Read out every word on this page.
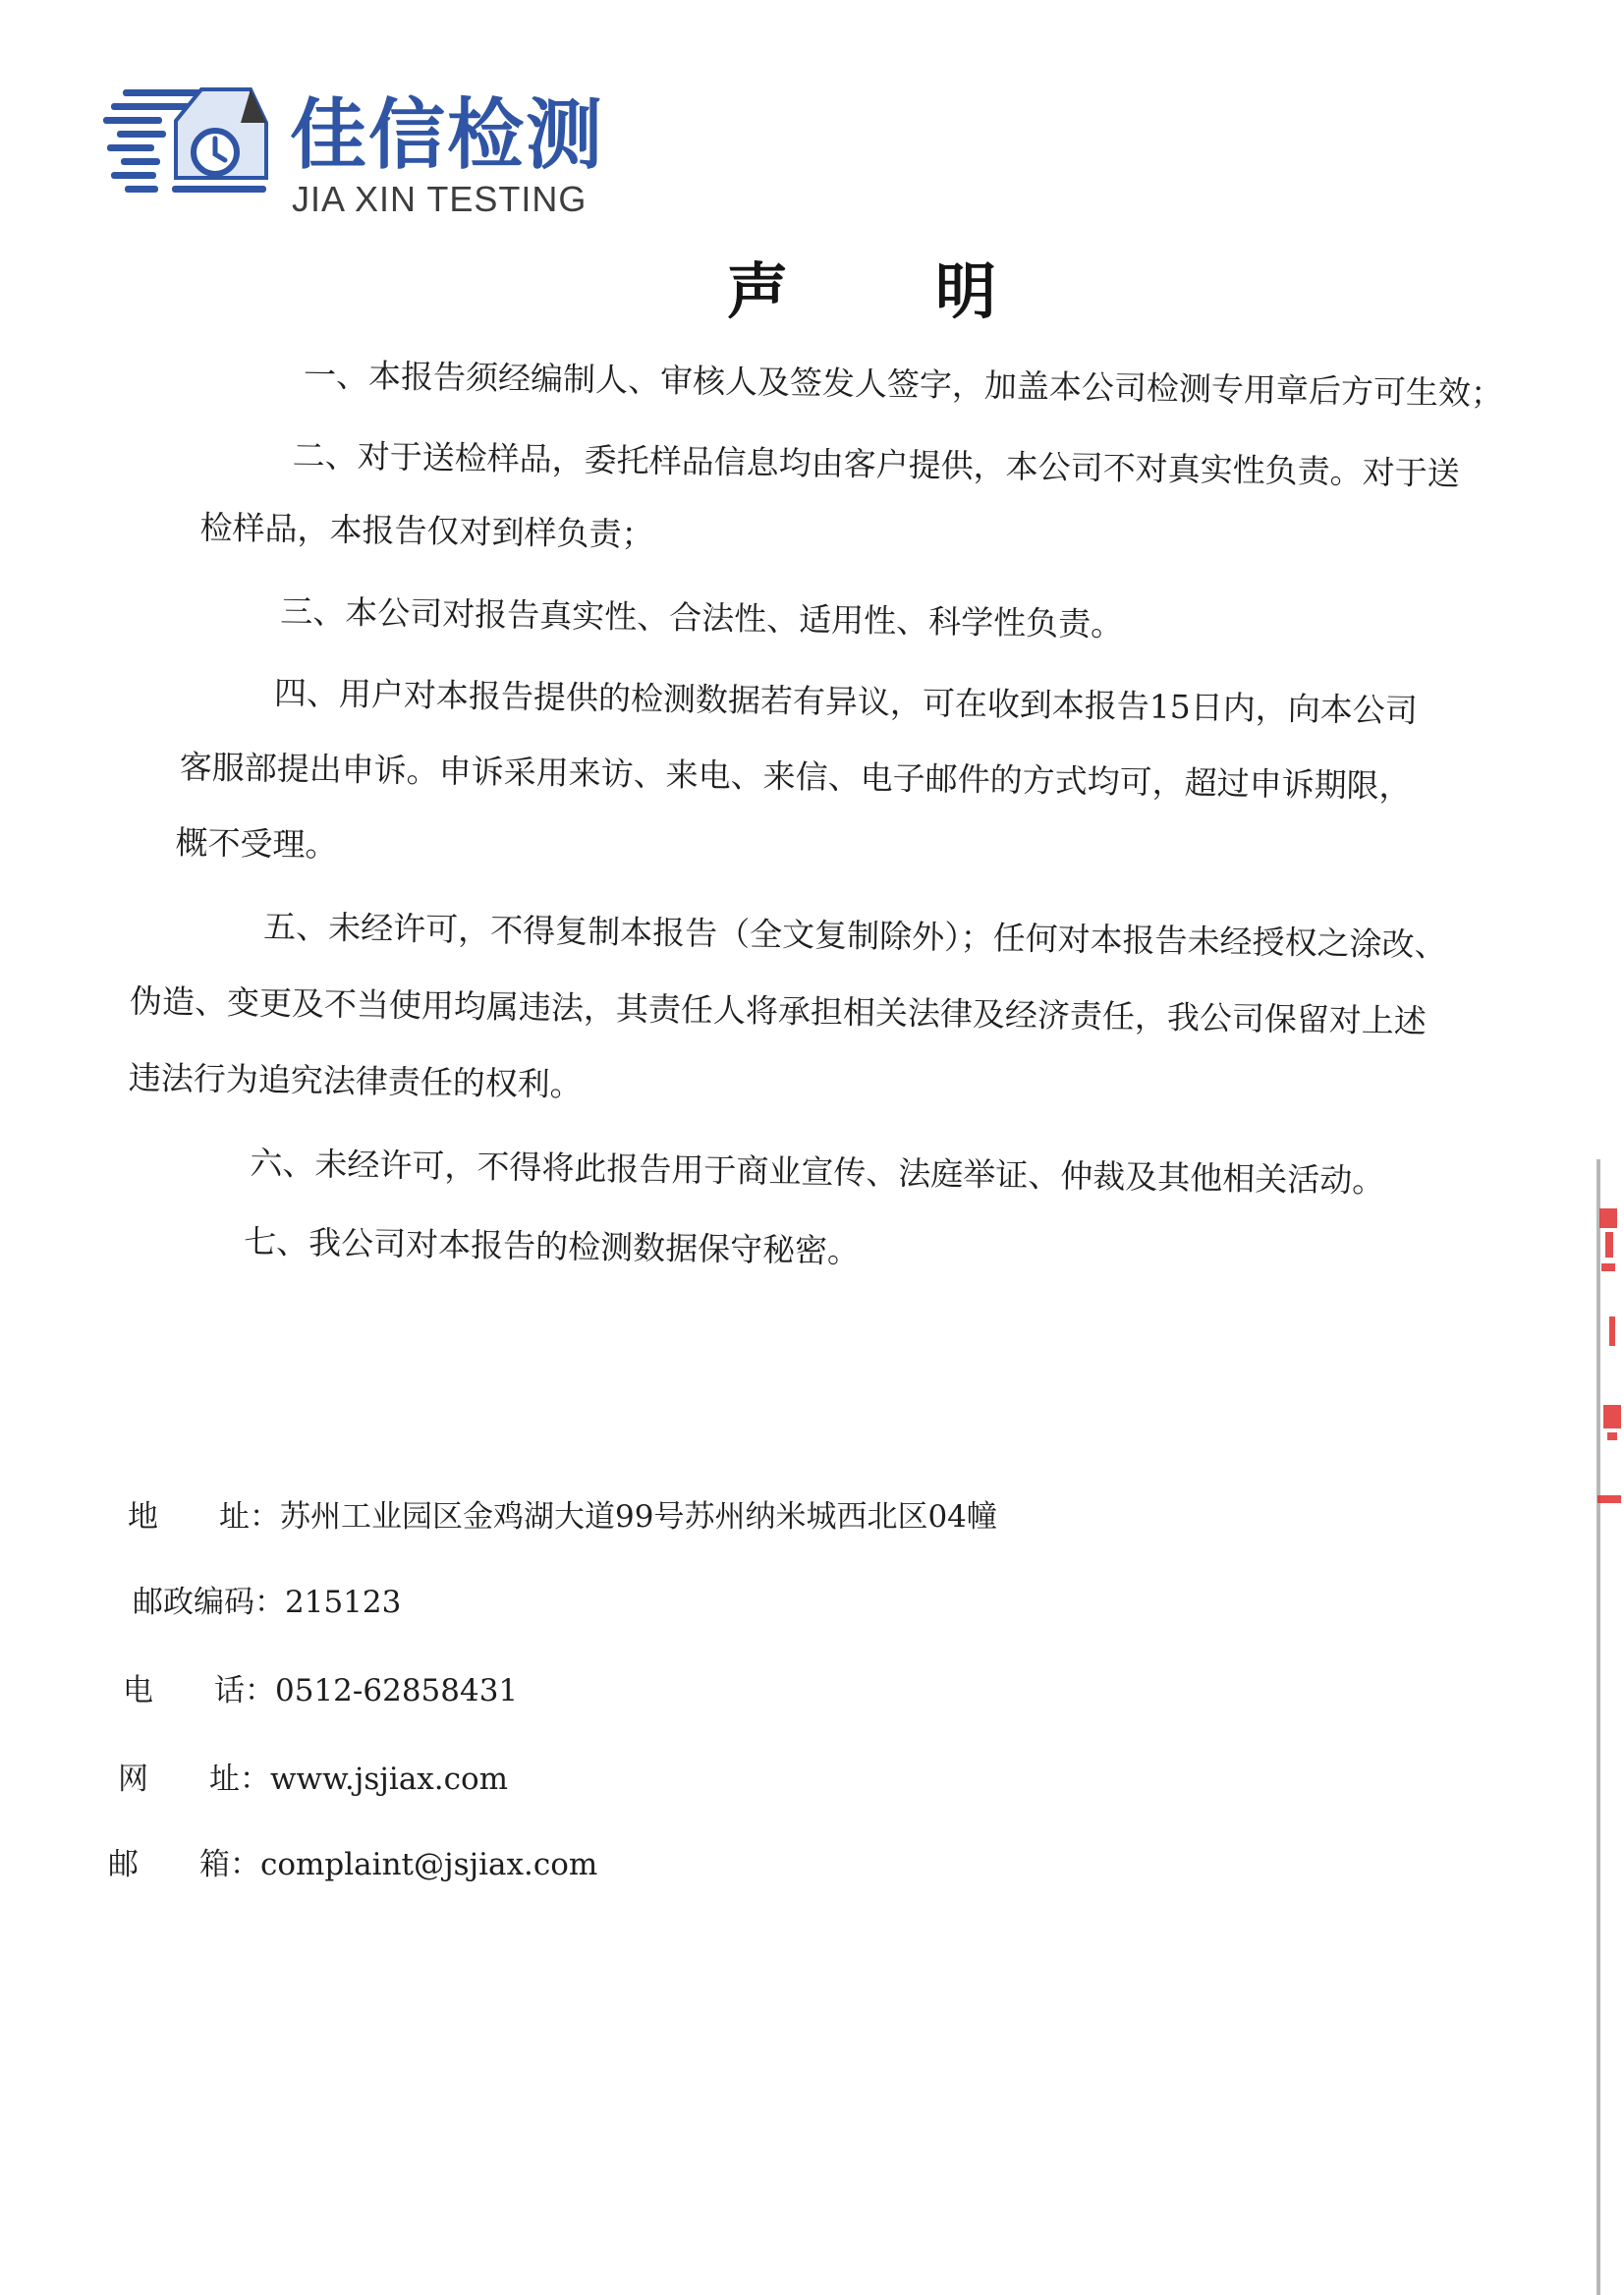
佳信检测
JIA XIN TESTING
声 明
一、本报告须经编制人、审核人及签发人签字，加盖本公司检测专用章后方可生效；
二、对于送检样品，委托样品信息均由客户提供，本公司不对真实性负责。对于送
检样品，本报告仅对到样负责；
三、本公司对报告真实性、合法性、适用性、科学性负责。
四、用户对本报告提供的检测数据若有异议，可在收到本报告15日内，向本公司
客服部提出申诉。申诉采用来访、来电、来信、电子邮件的方式均可，超过申诉期限，
概不受理。
五、未经许可，不得复制本报告（全文复制除外）；任何对本报告未经授权之涂改、
伪造、变更及不当使用均属违法，其责任人将承担相关法律及经济责任，我公司保留对上述
违法行为追究法律责任的权利。
六、未经许可，不得将此报告用于商业宣传、法庭举证、仲裁及其他相关活动。
七、我公司对本报告的检测数据保守秘密。
地　　址：苏州工业园区金鸡湖大道99号苏州纳米城西北区04幢
邮政编码：215123
电　　话：0512-62858431
网　　址：www.jsjiax.com
邮　　箱：complaint@jsjiax.com
